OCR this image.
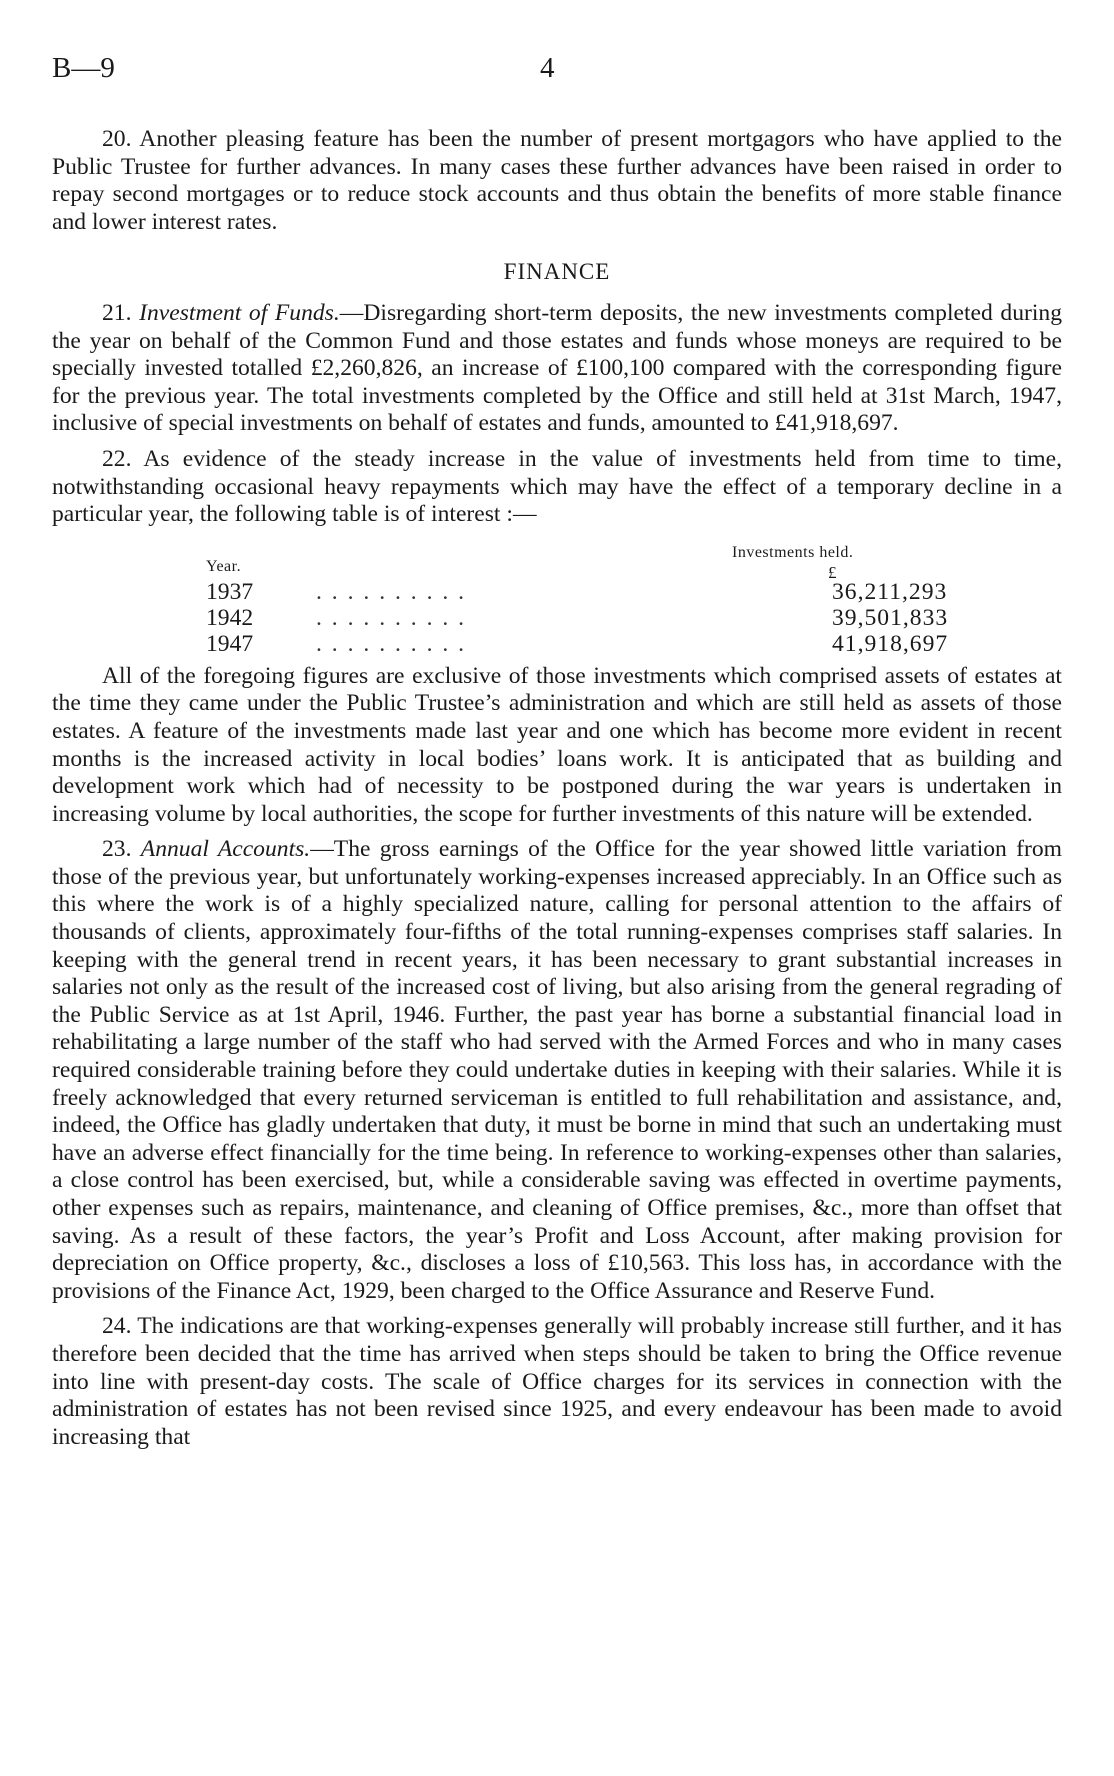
B—9	4

20. Another pleasing feature has been the number of present mortgagors who have applied to the Public Trustee for further advances. In many cases these further advances have been raised in order to repay second mortgages or to reduce stock accounts and thus obtain the benefits of more stable finance and lower interest rates.

FINANCE

21. Investment of Funds.—Disregarding short-term deposits, the new investments completed during the year on behalf of the Common Fund and those estates and funds whose moneys are required to be specially invested totalled £2,260,826, an increase of £100,100 compared with the corresponding figure for the previous year. The total investments completed by the Office and still held at 31st March, 1947, inclusive of special investments on behalf of estates and funds, amounted to £41,918,697.

22. As evidence of the steady increase in the value of investments held from time to time, notwithstanding occasional heavy repayments which may have the effect of a temporary decline in a particular year, the following table is of interest :—

Year.
Investments held.
£
1937	. . . . . . . . . .	36,211,293
1942	. . . . . . . . . .	39,501,833
1947	. . . . . . . . . .	41,918,697

All of the foregoing figures are exclusive of those investments which comprised assets of estates at the time they came under the Public Trustee’s administration and which are still held as assets of those estates. A feature of the investments made last year and one which has become more evident in recent months is the increased activity in local bodies’ loans work. It is anticipated that as building and development work which had of necessity to be postponed during the war years is undertaken in increasing volume by local authorities, the scope for further investments of this nature will be extended.

23. Annual Accounts.—The gross earnings of the Office for the year showed little variation from those of the previous year, but unfortunately working-expenses increased appreciably. In an Office such as this where the work is of a highly specialized nature, calling for personal attention to the affairs of thousands of clients, approximately four-fifths of the total running-expenses comprises staff salaries. In keeping with the general trend in recent years, it has been necessary to grant substantial increases in salaries not only as the result of the increased cost of living, but also arising from the general regrading of the Public Service as at 1st April, 1946. Further, the past year has borne a substantial financial load in rehabilitating a large number of the staff who had served with the Armed Forces and who in many cases required considerable training before they could undertake duties in keeping with their salaries. While it is freely acknowledged that every returned serviceman is entitled to full rehabilitation and assistance, and, indeed, the Office has gladly undertaken that duty, it must be borne in mind that such an undertaking must have an adverse effect financially for the time being. In reference to working-expenses other than salaries, a close control has been exercised, but, while a considerable saving was effected in overtime payments, other expenses such as repairs, maintenance, and cleaning of Office premises, &c., more than offset that saving. As a result of these factors, the year’s Profit and Loss Account, after making provision for depreciation on Office property, &c., discloses a loss of £10,563. This loss has, in accordance with the provisions of the Finance Act, 1929, been charged to the Office Assurance and Reserve Fund.

24. The indications are that working-expenses generally will probably increase still further, and it has therefore been decided that the time has arrived when steps should be taken to bring the Office revenue into line with present-day costs. The scale of Office charges for its services in connection with the administration of estates has not been revised since 1925, and every endeavour has been made to avoid increasing that
